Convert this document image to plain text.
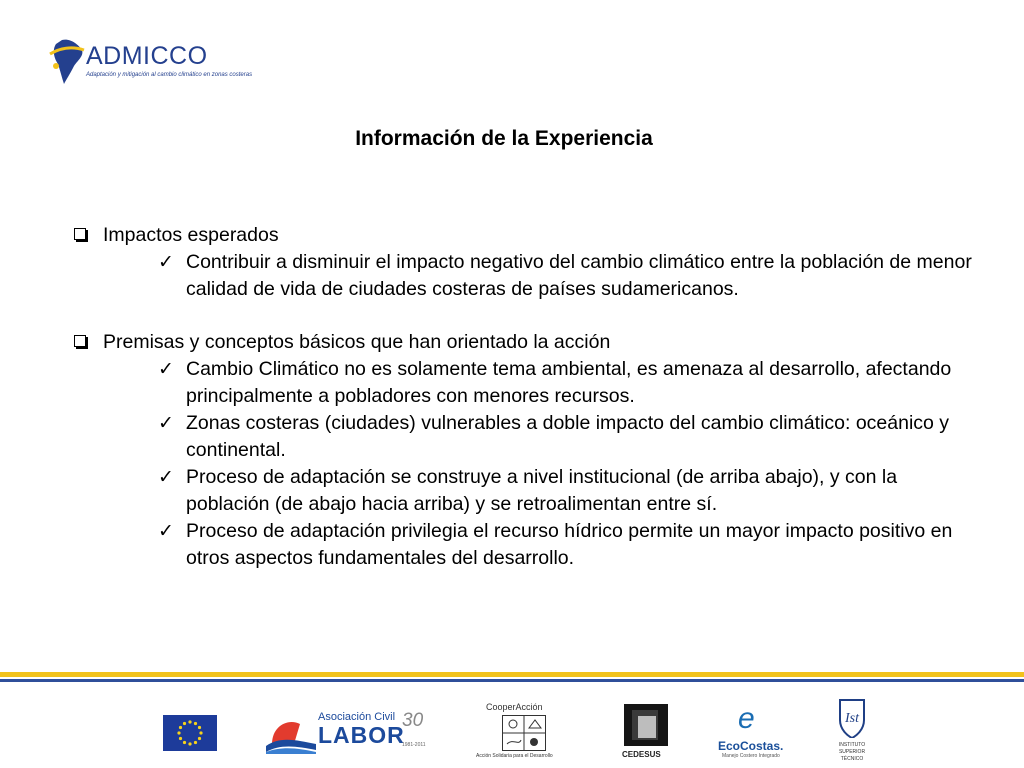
ADMICCO
Adaptación y mitigación al cambio climático en zonas costeras
Información de la Experiencia
Impactos esperados
✓ Contribuir a disminuir el impacto negativo del cambio climático entre la población de menor calidad de vida de ciudades costeras de países sudamericanos.
Premisas y conceptos básicos que han orientado la acción
✓ Cambio Climático no es solamente tema ambiental, es amenaza al desarrollo, afectando principalmente a pobladores con menores recursos.
✓ Zonas costeras (ciudades) vulnerables a doble impacto del cambio climático: oceánico y continental.
✓ Proceso de adaptación se construye a nivel institucional (de arriba abajo), y con la población (de abajo hacia arriba) y se retroalimentan entre sí.
✓ Proceso de adaptación privilegia el recurso hídrico permite un mayor impacto positivo en otros aspectos fundamentales del desarrollo.
Asociación Civil
LABOR
30
1981-2011
CooperAcción
Acción Solidaria para el Desarrollo	CEDESUS
e
EcoCostas.
Manejo Costero Integrado
Ist
INSTITUTO
SUPERIOR
TÉCNICO
